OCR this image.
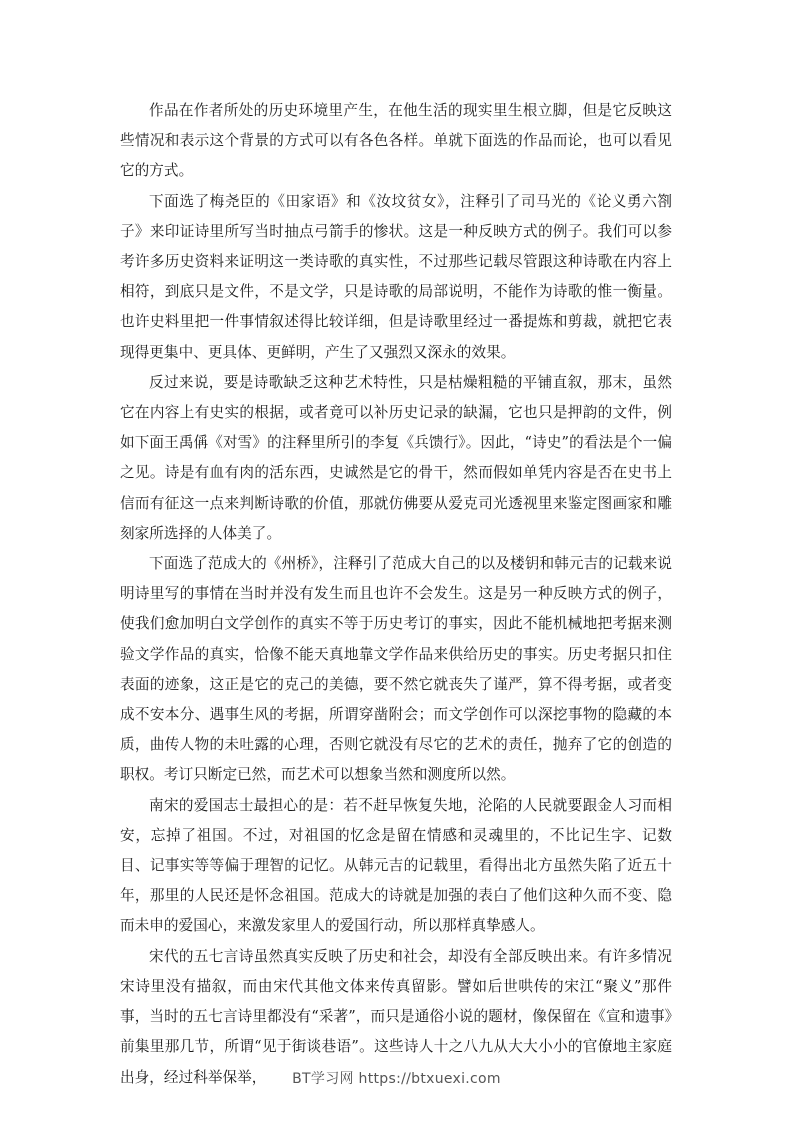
作品在作者所处的历史环境里产生，在他生活的现实里生根立脚，但是它反映这些情况和表示这个背景的方式可以有各色各样。单就下面选的作品而论，也可以看见它的方式。

下面选了梅尧臣的《田家语》和《汝坟贫女》，注释引了司马光的《论义勇六劄子》来印证诗里所写当时抽点弓箭手的惨状。这是一种反映方式的例子。我们可以参考许多历史资料来证明这一类诗歌的真实性，不过那些记载尽管跟这种诗歌在内容上相符，到底只是文件，不是文学，只是诗歌的局部说明，不能作为诗歌的惟一衡量。也许史料里把一件事情叙述得比较详细，但是诗歌里经过一番提炼和剪裁，就把它表现得更集中、更具体、更鲜明，产生了又强烈又深永的效果。

反过来说，要是诗歌缺乏这种艺术特性，只是枯燥粗糙的平铺直叙，那末，虽然它在内容上有史实的根据，或者竟可以补历史记录的缺漏，它也只是押韵的文件，例如下面王禹偁《对雪》的注释里所引的李复《兵馈行》。因此，“诗史”的看法是个一偏之见。诗是有血有肉的活东西，史诚然是它的骨干，然而假如单凭内容是否在史书上信而有征这一点来判断诗歌的价值，那就仿佛要从爱克司光透视里来鉴定图画家和雕刻家所选择的人体美了。

下面选了范成大的《州桥》，注释引了范成大自己的以及楼钥和韩元吉的记载来说明诗里写的事情在当时并没有发生而且也许不会发生。这是另一种反映方式的例子，使我们愈加明白文学创作的真实不等于历史考订的事实，因此不能机械地把考据来测验文学作品的真实，恰像不能天真地靠文学作品来供给历史的事实。历史考据只扣住表面的迹象，这正是它的克己的美德，要不然它就丧失了谨严，算不得考据，或者变成不安本分、遇事生风的考据，所谓穿凿附会；而文学创作可以深挖事物的隐藏的本质，曲传人物的未吐露的心理，否则它就没有尽它的艺术的责任，抛弃了它的创造的职权。考订只断定已然，而艺术可以想象当然和测度所以然。

南宋的爱国志士最担心的是：若不赶早恢复失地，沦陷的人民就要跟金人习而相安，忘掉了祖国。不过，对祖国的忆念是留在情感和灵魂里的，不比记生字、记数目、记事实等等偏于理智的记忆。从韩元吉的记载里，看得出北方虽然失陷了近五十年，那里的人民还是怀念祖国。范成大的诗就是加强的表白了他们这种久而不变、隐而未申的爱国心，来激发家里人的爱国行动，所以那样真挚感人。

宋代的五七言诗虽然真实反映了历史和社会，却没有全部反映出来。有许多情况宋诗里没有描叙，而由宋代其他文体来传真留影。譬如后世哄传的宋江“聚义”那件事，当时的五七言诗里都没有“采著”，而只是通俗小说的题材，像保留在《宣和遗事》前集里那几节，所谓“见于街谈巷语”。这些诗人十之八九从大大小小的官僚地主家庭出身，经过科举保举，	BT学习网 https://btxuexi.com
